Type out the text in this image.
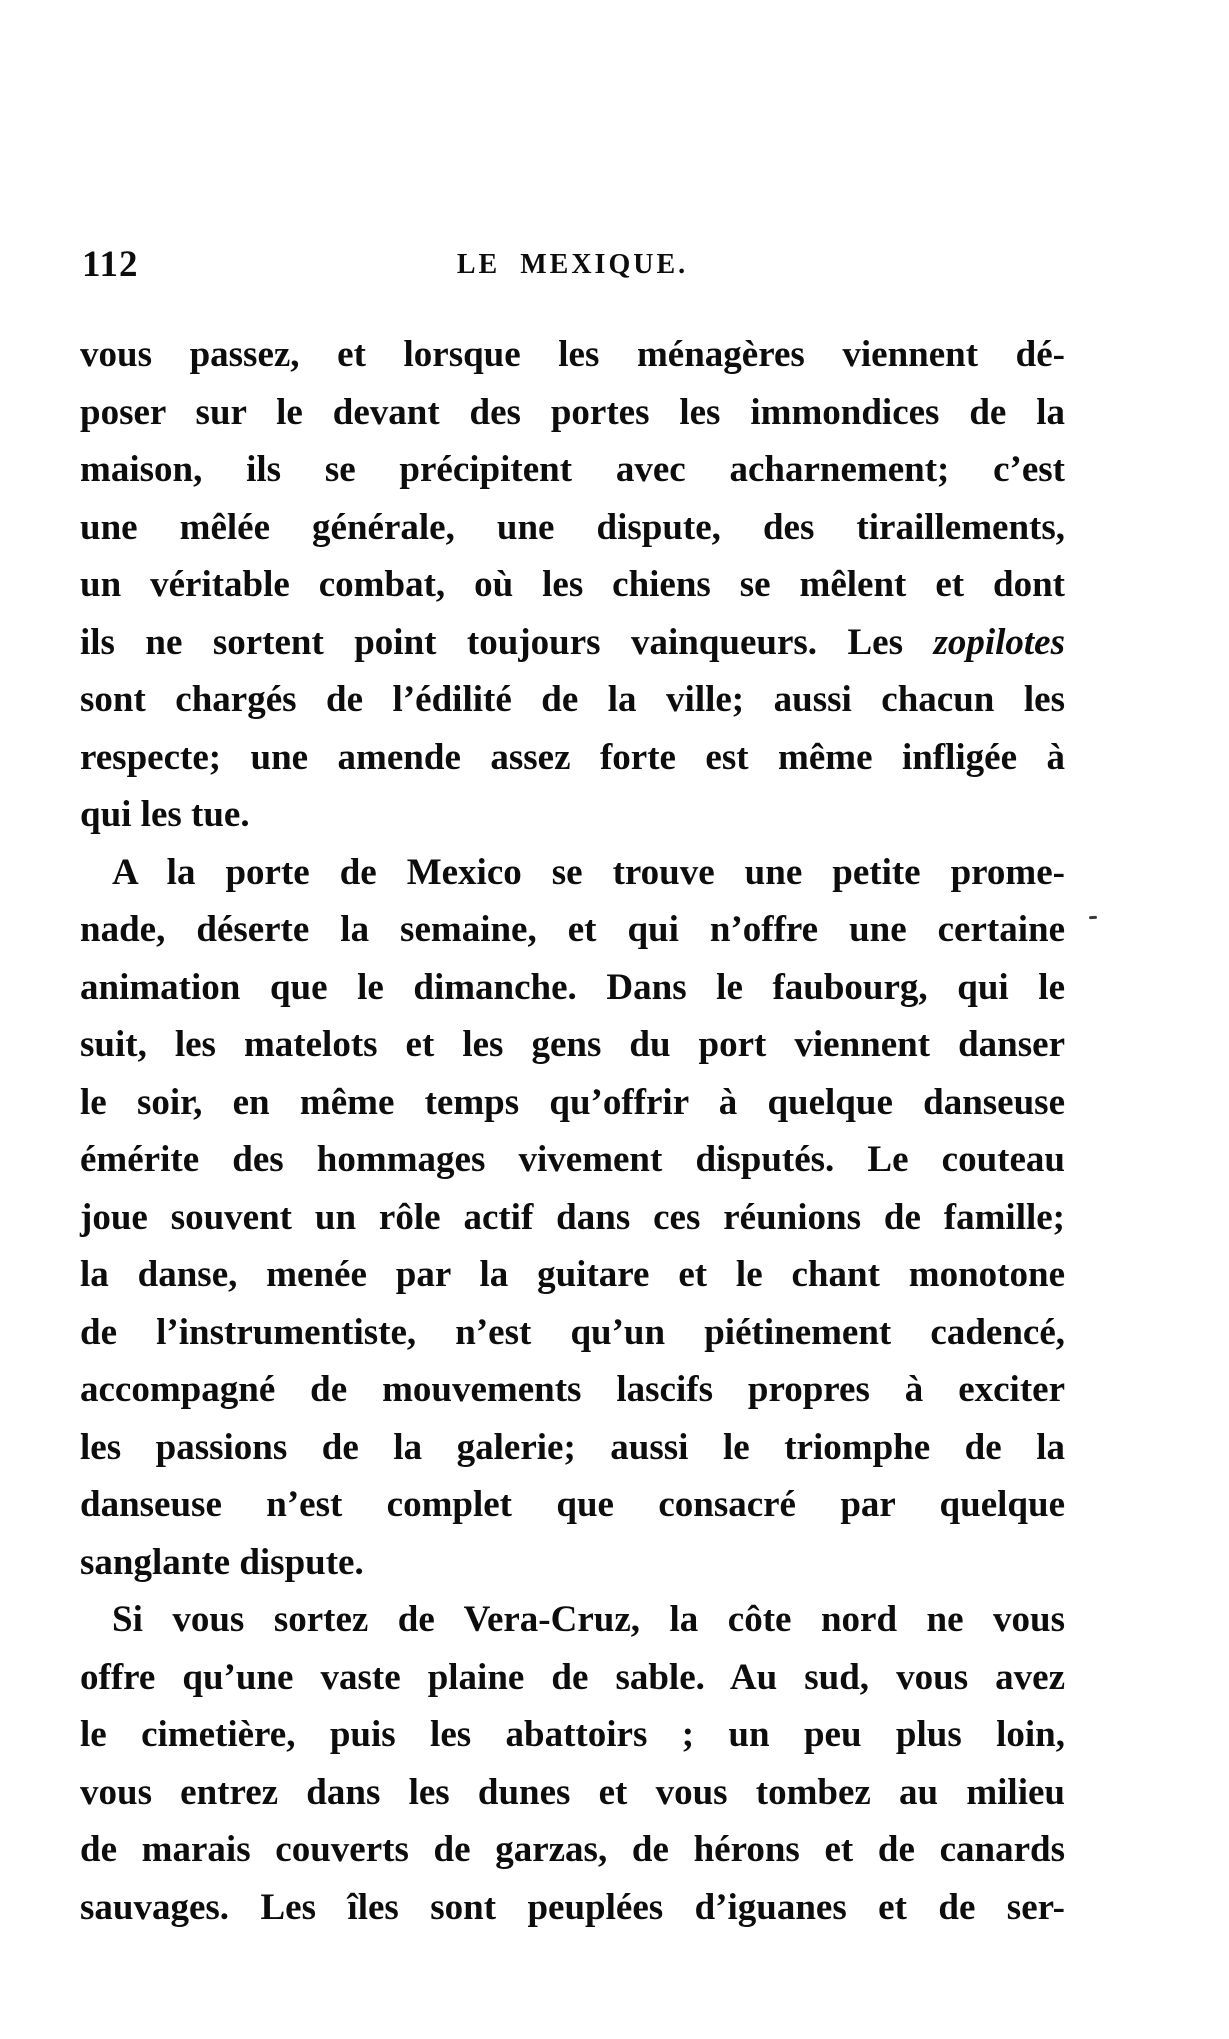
112	LE MEXIQUE.
vous passez, et lorsque les ménagères viennent dé-
poser sur le devant des portes les immondices de la
maison, ils se précipitent avec acharnement; c’est
une mêlée générale, une dispute, des tiraillements,
un véritable combat, où les chiens se mêlent et dont
ils ne sortent point toujours vainqueurs. Les zopilotes
sont chargés de l’édilité de la ville; aussi chacun les
respecte; une amende assez forte est même infligée à
qui les tue.
A la porte de Mexico se trouve une petite prome-
nade, déserte la semaine, et qui n’offre une certaine
animation que le dimanche. Dans le faubourg, qui le
suit, les matelots et les gens du port viennent danser
le soir, en même temps qu’offrir à quelque danseuse
émérite des hommages vivement disputés. Le couteau
joue souvent un rôle actif dans ces réunions de famille;
la danse, menée par la guitare et le chant monotone
de l’instrumentiste, n’est qu’un piétinement cadencé,
accompagné de mouvements lascifs propres à exciter
les passions de la galerie; aussi le triomphe de la
danseuse n’est complet que consacré par quelque
sanglante dispute.
Si vous sortez de Vera-Cruz, la côte nord ne vous
offre qu’une vaste plaine de sable. Au sud, vous avez
le cimetière, puis les abattoirs ; un peu plus loin,
vous entrez dans les dunes et vous tombez au milieu
de marais couverts de garzas, de hérons et de canards
sauvages. Les îles sont peuplées d’iguanes et de ser-
